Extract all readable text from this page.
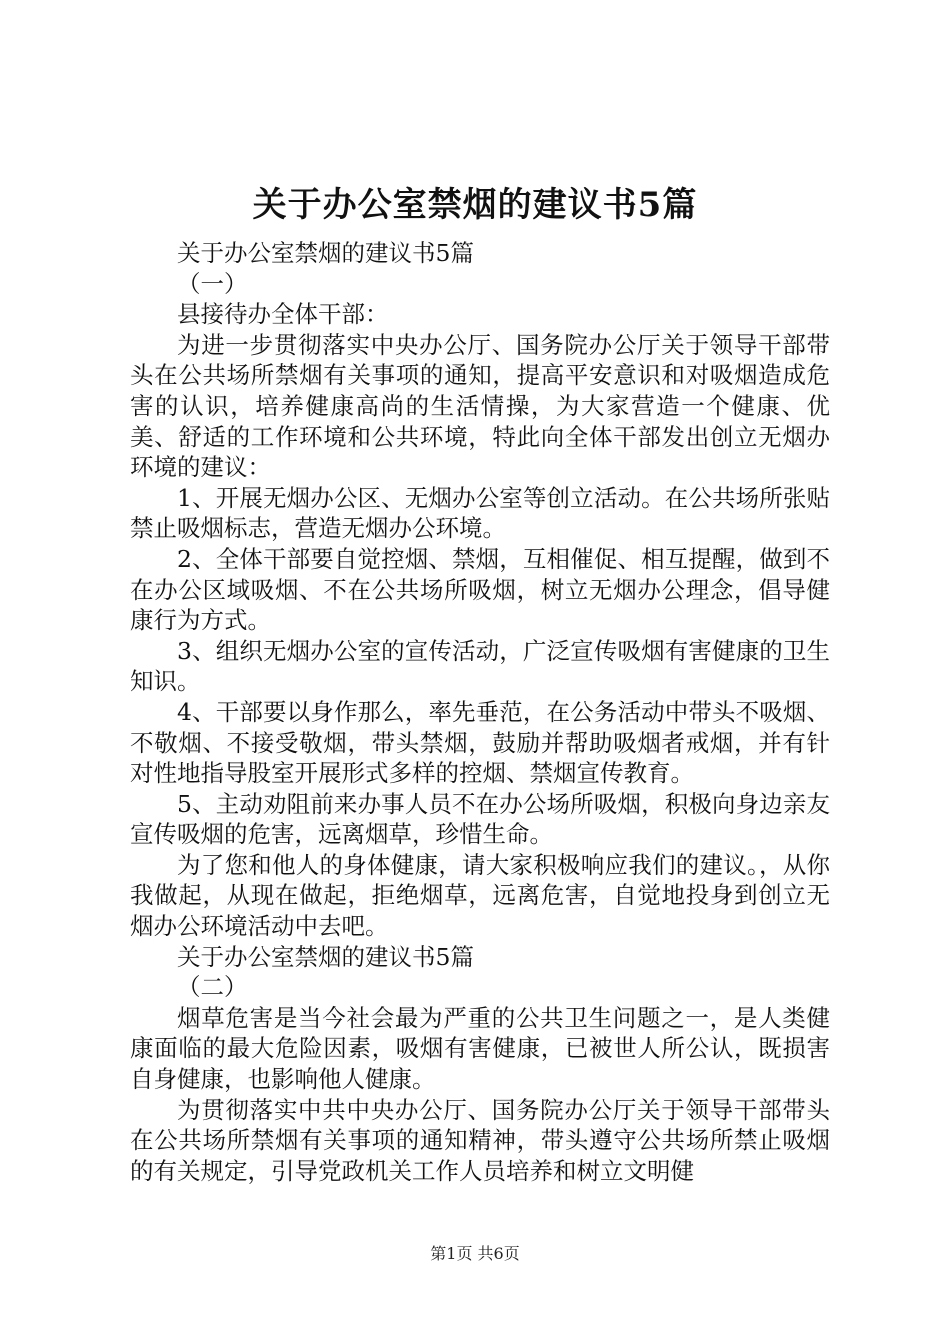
关于办公室禁烟的建议书5篇

关于办公室禁烟的建议书5篇

（一）

县接待办全体干部：

为进一步贯彻落实中央办公厅、国务院办公厅关于领导干部带头在公共场所禁烟有关事项的通知，提高平安意识和对吸烟造成危害的认识，培养健康高尚的生活情操，为大家营造一个健康、优美、舒适的工作环境和公共环境，特此向全体干部发出创立无烟办环境的建议：

1、开展无烟办公区、无烟办公室等创立活动。在公共场所张贴禁止吸烟标志，营造无烟办公环境。

2、全体干部要自觉控烟、禁烟，互相催促、相互提醒，做到不在办公区域吸烟、不在公共场所吸烟，树立无烟办公理念，倡导健康行为方式。

3、组织无烟办公室的宣传活动，广泛宣传吸烟有害健康的卫生知识。

4、干部要以身作那么，率先垂范，在公务活动中带头不吸烟、不敬烟、不接受敬烟，带头禁烟，鼓励并帮助吸烟者戒烟，并有针对性地指导股室开展形式多样的控烟、禁烟宣传教育。

5、主动劝阻前来办事人员不在办公场所吸烟，积极向身边亲友宣传吸烟的危害，远离烟草，珍惜生命。

为了您和他人的身体健康，请大家积极响应我们的建议。，从你我做起，从现在做起，拒绝烟草，远离危害，自觉地投身到创立无烟办公环境活动中去吧。

关于办公室禁烟的建议书5篇

（二）

烟草危害是当今社会最为严重的公共卫生问题之一，是人类健康面临的最大危险因素，吸烟有害健康，已被世人所公认，既损害自身健康，也影响他人健康。

为贯彻落实中共中央办公厅、国务院办公厅关于领导干部带头在公共场所禁烟有关事项的通知精神，带头遵守公共场所禁止吸烟的有关规定，引导党政机关工作人员培养和树立文明健

第1页 共6页
